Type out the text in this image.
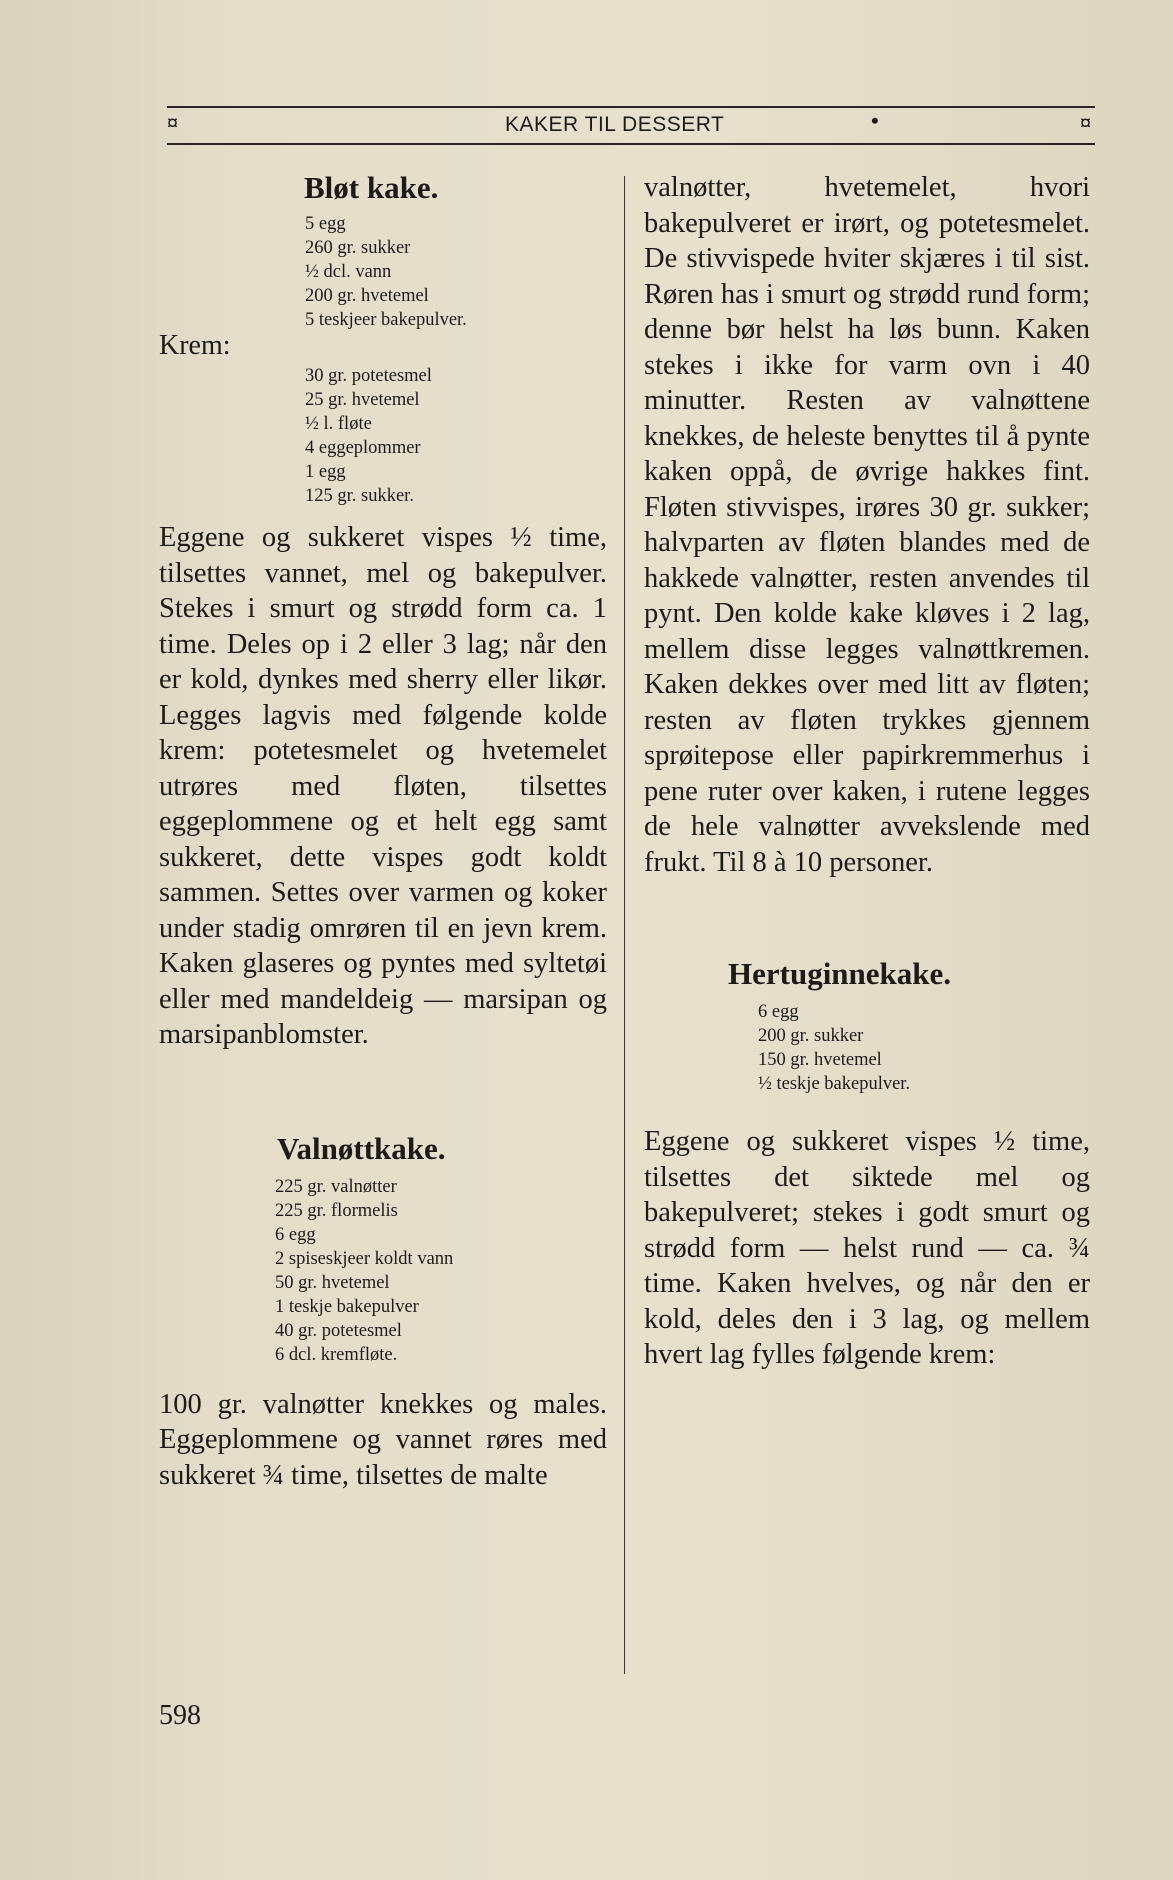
¤	KAKER TIL DESSERT	•	¤
Bløt kake.
5 egg
260 gr. sukker
½ dcl. vann
200 gr. hvetemel
5 teskjeer bakepulver.

Krem:

30 gr. potetesmel
25 gr. hvetemel
½ l. fløte
4 eggeplommer
1 egg
125 gr. sukker.

Eggene og sukkeret vispes ½ time, tilsettes vannet, mel og bakepulver. Stekes i smurt og strødd form ca. 1 time. Deles op i 2 eller 3 lag; når den er kold, dynkes med sherry eller likør. Legges lagvis med følgende kolde krem: potetesmelet og hvetemelet utrøres med fløten, tilsettes eggeplommene og et helt egg samt sukkeret, dette vispes godt koldt sammen. Settes over varmen og koker under stadig omrøren til en jevn krem. Kaken glaseres og pyntes med syltetøi eller med mandeldeig — marsipan og marsipanblomster.

Valnøttkake.
225 gr. valnøtter
225 gr. flormelis
6 egg
2 spiseskjeer koldt vann
50 gr. hvetemel
1 teskje bakepulver
40 gr. potetesmel
6 dcl. kremfløte.

100 gr. valnøtter knekkes og males. Eggeplommene og vannet røres med sukkeret ¾ time, tilsettes de malte

valnøtter, hvetemelet, hvori bakepulveret er irørt, og potetesmelet. De stivvispede hviter skjæres i til sist. Røren has i smurt og strødd rund form; denne bør helst ha løs bunn. Kaken stekes i ikke for varm ovn i 40 minutter. Resten av valnøttene knekkes, de heleste benyttes til å pynte kaken oppå, de øvrige hakkes fint. Fløten stivvispes, irøres 30 gr. sukker; halvparten av fløten blandes med de hakkede valnøtter, resten anvendes til pynt. Den kolde kake kløves i 2 lag, mellem disse legges valnøttkremen. Kaken dekkes over med litt av fløten; resten av fløten trykkes gjennem sprøitepose eller papirkremmerhus i pene ruter over kaken, i rutene legges de hele valnøtter avvekslende med frukt. Til 8 à 10 personer.

Hertuginnekake.
6 egg
200 gr. sukker
150 gr. hvetemel
½ teskje bakepulver.

Eggene og sukkeret vispes ½ time, tilsettes det siktede mel og bakepulveret; stekes i godt smurt og strødd form — helst rund — ca. ¾ time. Kaken hvelves, og når den er kold, deles den i 3 lag, og mellem hvert lag fylles følgende krem:

598
